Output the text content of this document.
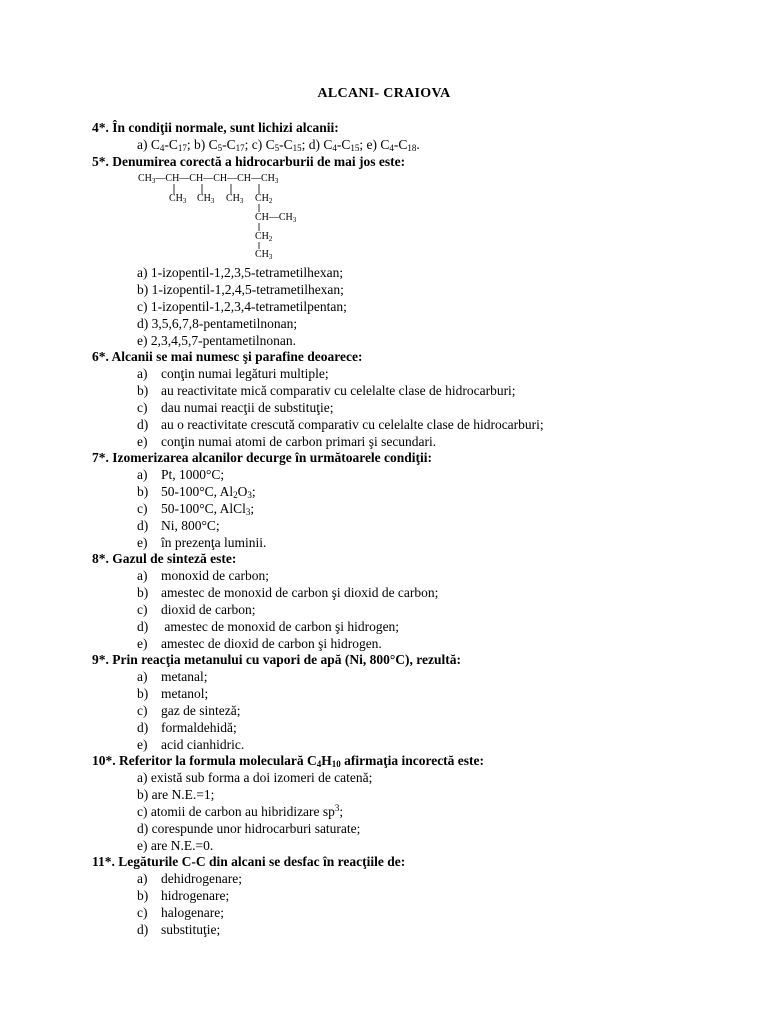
ALCANI- CRAIOVA
4*. În condiţii normale, sunt lichizi alcanii:
a) $C_4-C_{17}$; b) $C_5-C_{17}$; c) $C_5-C_{15}$; d) $C_4-C_{15}$; e) $C_4-C_{18}$.
5*. Denumirea corectă a hidrocarburii de mai jos este:
$CH_3—CH—CH—CH—CH—CH_3$
$CH_3$ $CH_3$ $CH_3$ $CH_2$
$CH—CH_3$
$CH_2$
$CH_3$
a) 1-izopentil-1,2,3,5-tetrametilhexan;
b) 1-izopentil-1,2,4,5-tetrametilhexan;
c) 1-izopentil-1,2,3,4-tetrametilpentan;
d) 3,5,6,7,8-pentametilnonan;
e) 2,3,4,5,7-pentametilnonan.
6*. Alcanii se mai numesc şi parafine deoarece:
a) conţin numai legături multiple;
b) au reactivitate mică comparativ cu celelalte clase de hidrocarburi;
c) dau numai reacţii de substituţie;
d) au o reactivitate crescută comparativ cu celelalte clase de hidrocarburi;
e) conţin numai atomi de carbon primari şi secundari.
7*. Izomerizarea alcanilor decurge în următoarele condiţii:
a) Pt, 1000°C;
b) 50-100°C, $Al_2O_3$;
c) 50-100°C, AlCl$_3$;
d) Ni, 800°C;
e) în prezenţa luminii.
8*. Gazul de sinteză este:
a) monoxid de carbon;
b) amestec de monoxid de carbon şi dioxid de carbon;
c) dioxid de carbon;
d) amestec de monoxid de carbon şi hidrogen;
e) amestec de dioxid de carbon şi hidrogen.
9*. Prin reacţia metanului cu vapori de apă (Ni, 800°C), rezultă:
a) metanal;
b) metanol;
c) gaz de sinteză;
d) formaldehidă;
e) acid cianhidric.
10*. Referitor la formula moleculară $C_4H_{10}$ afirmaţia incorectă este:
a) există sub forma a doi izomeri de catenă;
b) are N.E.=1;
c) atomii de carbon au hibridizare $sp^3$;
d) corespunde unor hidrocarburi saturate;
e) are N.E.=0.
11*. Legăturile C-C din alcani se desfac în reacţiile de:
a) dehidrogenare;
b) hidrogenare;
c) halogenare;
d) substituţie;
